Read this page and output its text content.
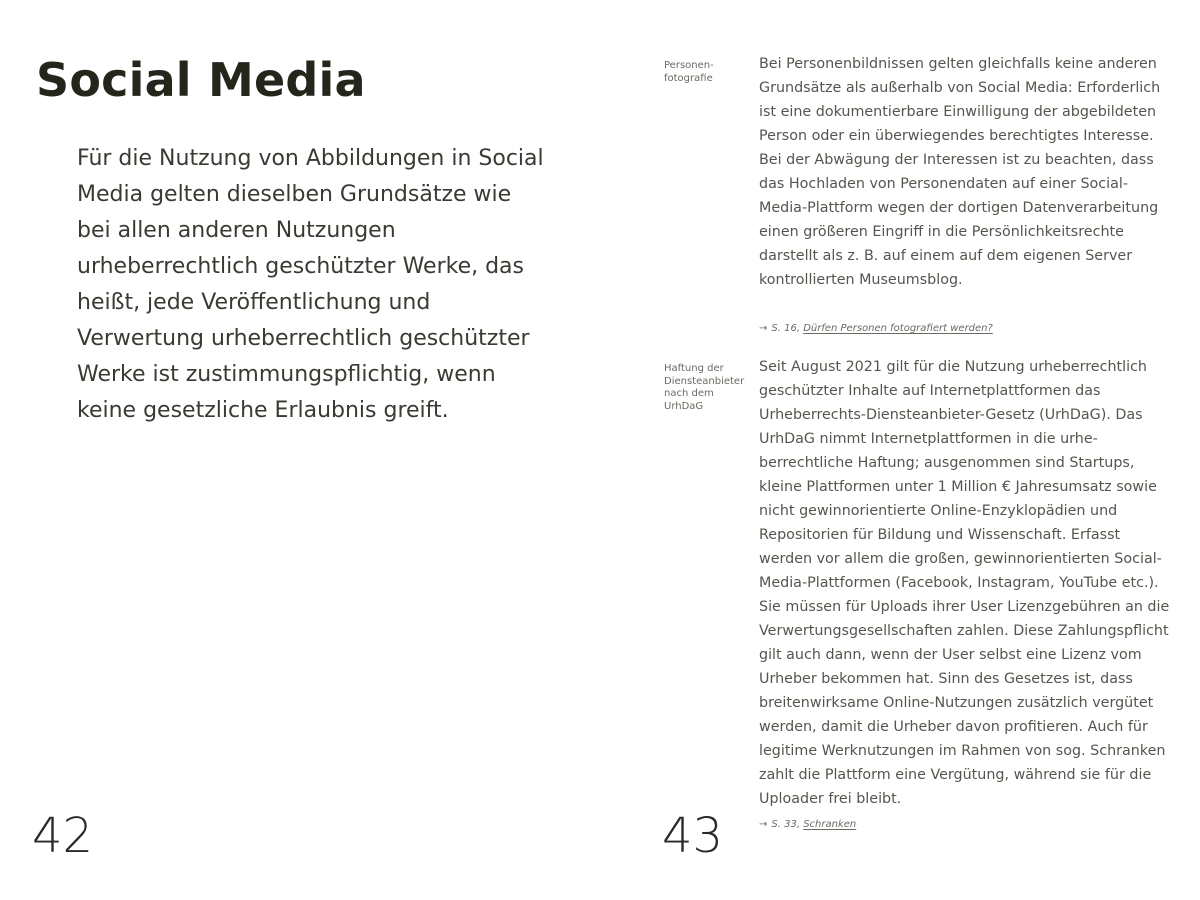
Social Media

Für die Nutzung von Abbildungen in Social Media gelten dieselben Grundsätze wie bei allen anderen Nutzungen urheberrechtlich geschützter Werke, das heißt, jede Veröffentlichung und Verwertung urheberrechtlich geschützter Werke ist zustimmungspflichtig, wenn keine gesetzliche Erlaubnis greift.

42

Personenfotografie

Bei Personenbildnissen gelten gleichfalls keine anderen Grundsätze als außerhalb von Social Media: Erforderlich ist eine dokumentierbare Einwilligung der abgebildeten Person oder ein überwiegendes berechtigtes Interesse. Bei der Abwägung der Interessen ist zu beachten, dass das Hochladen von Personendaten auf einer Social-Media-Plattform wegen der dortigen Datenverarbeitung einen größeren Eingriff in die Persönlichkeitsrechte darstellt als z. B. auf einem auf dem eigenen Server kontrollierten Museumsblog.

→ S. 16, Dürfen Personen fotografiert werden?

Haftung der Diensteanbieter nach dem UrhDaG

Seit August 2021 gilt für die Nutzung urheberrechtlich geschützter Inhalte auf Internetplattformen das Urheberrechts-Diensteanbieter-Gesetz (UrhDaG). Das UrhDaG nimmt Internetplattformen in die urheberrechtliche Haftung; ausgenommen sind Startups, kleine Plattformen unter 1 Million € Jahresumsatz sowie nicht gewinnorientierte Online-Enzyklopädien und Repositorien für Bildung und Wissenschaft. Erfasst werden vor allem die großen, gewinnorientierten Social-Media-Plattformen (Facebook, Instagram, YouTube etc.). Sie müssen für Uploads ihrer User Lizenzgebühren an die Verwertungsgesellschaften zahlen. Diese Zahlungspflicht gilt auch dann, wenn der User selbst eine Lizenz vom Urheber bekommen hat. Sinn des Gesetzes ist, dass breitenwirksame Online-Nutzungen zusätzlich vergütet werden, damit die Urheber davon profitieren. Auch für legitime Werknutzungen im Rahmen von sog. Schranken zahlt die Plattform eine Vergütung, während sie für die Uploader frei bleibt.

→ S. 33, Schranken
43
